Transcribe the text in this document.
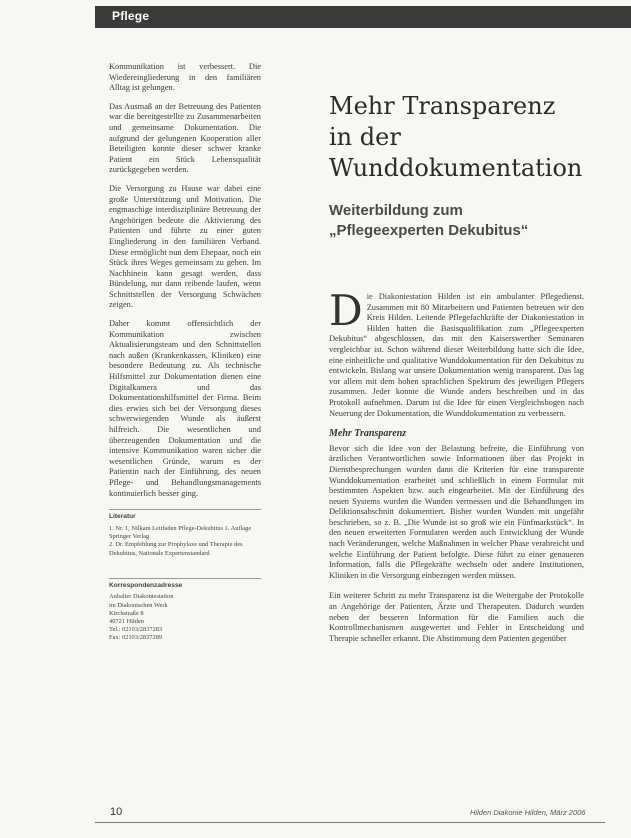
Pflege

Kommunikation ist verbessert. Die Wiedereingliederung in den familiären Alltag ist gelungen.

Das Ausmaß an der Betreuung des Patienten war die bereitgestellte zu Zusammenarbeiten und gemeinsame Dokumentation. Die aufgrund der gelungenen Kooperation aller Beteiligten konnte dieser schwer kranke Patient ein Stück Lebensqualität zurückgegeben werden.

Die Versorgung zu Hause war dabei eine große Unterstützung und Motivation. Die engmaschige interdisziplinäre Betreuung der Angehörigen bedeute die Aktivierung des Patienten und führte zu einer guten Eingliederung in den familiären Verband. Diese ermöglicht nun dem Ehepaar, noch ein Stück ihres Weges gemeinsam zu gehen. Im Nachhinein kann gesagt werden, dass Bündelung, nur dann reibende laufen, wenn Schnittstellen der Versorgung Schwächen zeigen.

Daher kommt offensichtlich der Kommunikation zwischen Aktualisierungsteam und den Schnittstellen nach außen (Krankenkassen, Kliniken) eine besondere Bedeutung zu. Als technische Hilfsmittel zur Dokumentation dienen eine Digitalkamera und das Dokumentationshilfsmittel der Firma. Beim dies erwies sich bei der Versorgung dieses schwerwiegenden Wunde als äußerst hilfreich. Die wesentlichen und überzeugenden Dokumentation und die intensive Kommunikation waren sicher die wesentlichen Gründe, warum es der Patientin nach der Einführung, des neuen Pflege- und Behandlungsmanagements kontinuierlich besser ging.

Literatur
1. Nr. 1, Nilkam Leitfaden Pflege-Dekubitus 1. Auflage Springer Verlag
2. Dr. Empfehlung zur Prophylaxe und Therapie des Dekubitus, Nationale Expertenstandard
Korrespondenzadresse
Anhalter Diakoniestation
im Diakonischen Werk
Kirchstraße 8
40721 Hilden
Tel.: 02103/2837283
Fax: 02103/2837289
Mehr Transparenz
in der
Wunddokumentation
Weiterbildung zum
„Pflegeexperten Dekubitus“

Die Diakoniestation Hilden ist ein ambulanter Pflegedienst. Zusammen mit 80 Mitarbeitern und Patienten betreuen wir den Kreis Hilden. Leitende Pflegefachkräfte der Diakoniestation in Hilden hatten die Basisqualifikation zum „Pflegeexperten Dekubitus“ abgeschlossen, das mit den Kaiserswerther Seminaren vergleichbar ist. Schon während dieser Weiterbildung hatte sich die Idee, eine einheitliche und qualitative Wunddokumentation für den Dekubitus zu entwickeln. Bislang war unsere Dokumentation wenig transparent. Das lag vor allem mit dem hohen sprachlichen Spektrum des jeweiligen Pflegers zusammen. Jeder konnte die Wunde anders beschreiben und in das Protokoll aufnehmen. Darum ist die Idee für einen Vergleichsbogen nach Neuerung der Dokumentation, die Wunddokumentation zu verbessern.

Mehr Transparenz

Bevor sich die Idee von der Belastung befreite, die Einführung von ärztlichen Verantwortlichen sowie Informationen über das Projekt in Dienstbesprechungen wurden dann die Kriterien für eine transparente Wunddokumentation erarbeitet und schließlich in einem Formular mit bestimmten Aspekten bzw. auch eingearbeitet. Mit der Einführung des neuen Systems wurden die Wunden vermessen und die Behandlungen im Deliktionsabschnitt dokumentiert. Bisher wurden Wunden mit ungefähr beschrieben, so z. B. „Die Wunde ist so groß wie ein Fünfmarkstück“. In den neuen erweiterten Formularen werden auch Entwicklung der Wunde nach Veränderungen, welche Maßnahmen in welcher Phase verabreicht und welche Einführung der Patient befolgte. Diese führt zu einer genaueren Information, falls die Pflegekräfte wechseln oder andere Institutionen, Kliniken in die Versorgung einbezogen werden müssen.

Ein weiterer Schritt zu mehr Transparenz ist die Weitergabe der Protokolle an Angehörige der Patienten, Ärzte und Therapeuten. Dadurch wurden neben der besseren Information für die Familien auch die Kontrollmechanismen ausgewertet und Fehler in Entscheidung und Therapie schneller erkannt. Die Abstimmung dem Patienten gegenüber

10	Hilden Diakonie Hilden, März 2006
